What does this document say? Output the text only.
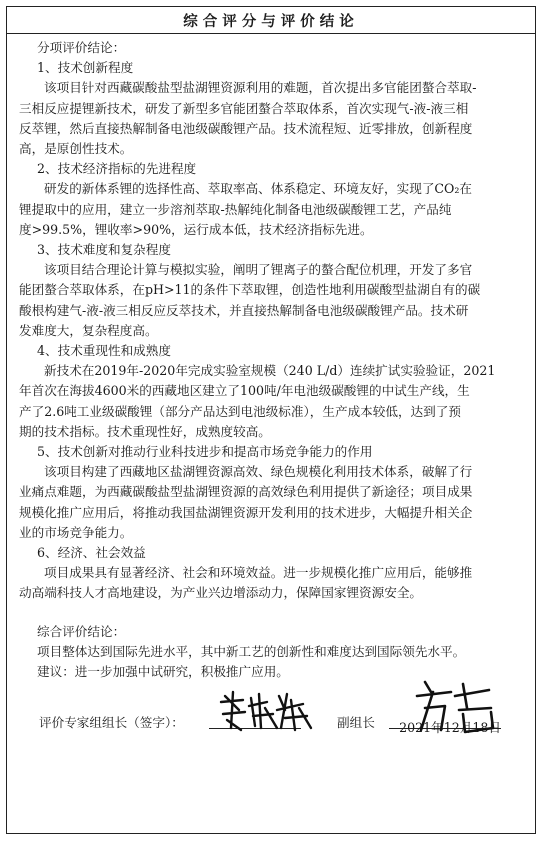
综合评分与评价结论
分项评价结论：
1、技术创新程度
该项目针对西藏碳酸盐型盐湖锂资源利用的难题，首次提出多官能团螯合萃取-
三相反应提锂新技术，研发了新型多官能团螯合萃取体系，首次实现气-液-液三相
反萃锂，然后直接热解制备电池级碳酸锂产品。技术流程短、近零排放，创新程度
高，是原创性技术。
2、技术经济指标的先进程度
研发的新体系锂的选择性高、萃取率高、体系稳定、环境友好，实现了CO₂在
锂提取中的应用，建立一步溶剂萃取-热解纯化制备电池级碳酸锂工艺，产品纯
度>99.5%，锂收率>90%，运行成本低，技术经济指标先进。
3、技术难度和复杂程度
该项目结合理论计算与模拟实验，阐明了锂离子的螯合配位机理，开发了多官
能团螯合萃取体系，在pH>11的条件下萃取锂，创造性地利用碳酸型盐湖自有的碳
酸根构建气-液-液三相反应反萃技术，并直接热解制备电池级碳酸锂产品。技术研
发难度大，复杂程度高。
4、技术重现性和成熟度
新技术在2019年-2020年完成实验室规模（240 L/d）连续扩试实验验证，2021
年首次在海拔4600米的西藏地区建立了100吨/年电池级碳酸锂的中试生产线，生
产了2.6吨工业级碳酸锂（部分产品达到电池级标准），生产成本较低，达到了预
期的技术指标。技术重现性好，成熟度较高。
5、技术创新对推动行业科技进步和提高市场竞争能力的作用
该项目构建了西藏地区盐湖锂资源高效、绿色规模化利用技术体系，破解了行
业痛点难题，为西藏碳酸盐型盐湖锂资源的高效绿色利用提供了新途径；项目成果
规模化推广应用后，将推动我国盐湖锂资源开发利用的技术进步，大幅提升相关企
业的市场竞争能力。
6、经济、社会效益
项目成果具有显著经济、社会和环境效益。进一步规模化推广应用后，能够推
动高端科技人才高地建设，为产业兴边增添动力，保障国家锂资源安全。
综合评价结论：
项目整体达到国际先进水平，其中新工艺的创新性和难度达到国际领先水平。
建议：进一步加强中试研究，积极推广应用。
评价专家组组长（签字）：	副组长 2021年12月18日
